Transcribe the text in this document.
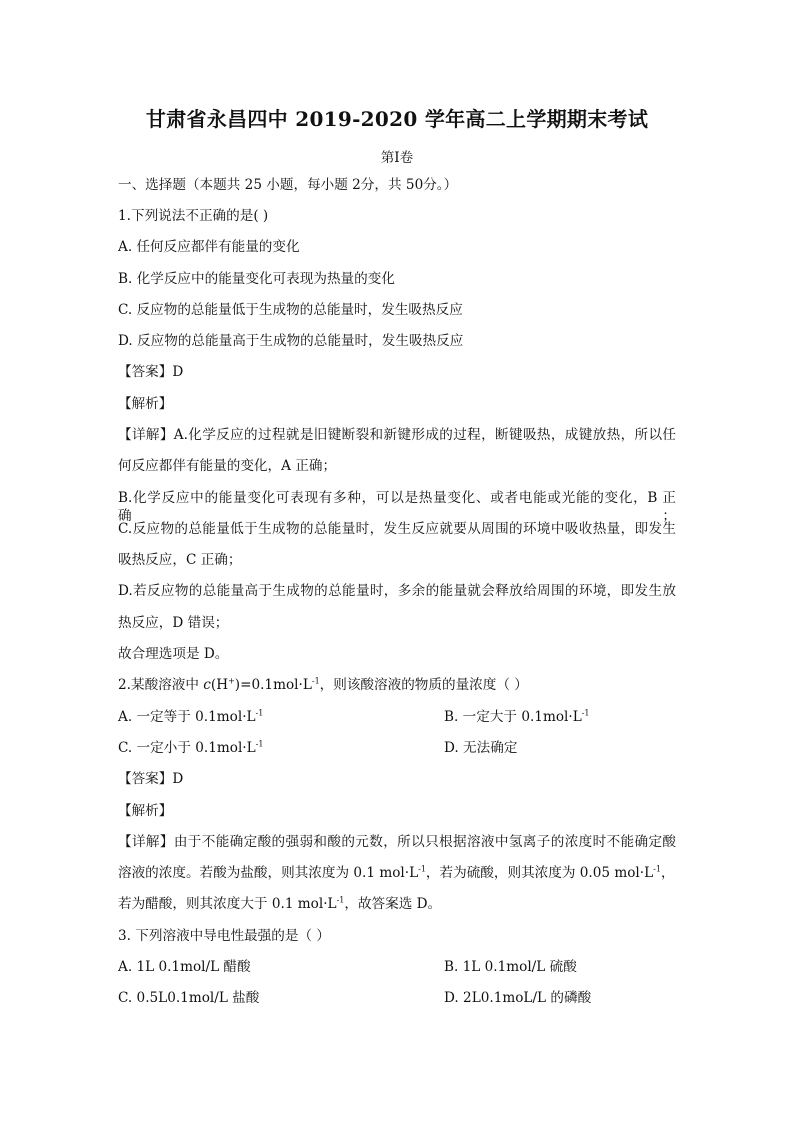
甘肃省永昌四中 2019-2020 学年高二上学期期末考试
第Ⅰ卷
一、选择题（本题共 25 小题，每小题 2分，共 50分。）
1.下列说法不正确的是( )
A. 任何反应都伴有能量的变化
B. 化学反应中的能量变化可表现为热量的变化
C. 反应物的总能量低于生成物的总能量时，发生吸热反应
D. 反应物的总能量高于生成物的总能量时，发生吸热反应
【答案】D
【解析】
【详解】A.化学反应的过程就是旧键断裂和新键形成的过程，断键吸热，成键放热，所以任
何反应都伴有能量的变化，A 正确；
B.化学反应中的能量变化可表现有多种，可以是热量变化、或者电能或光能的变化，B 正确；
C.反应物的总能量低于生成物的总能量时，发生反应就要从周围的环境中吸收热量，即发生
吸热反应，C 正确；
D.若反应物的总能量高于生成物的总能量时，多余的能量就会释放给周围的环境，即发生放
热反应，D 错误；
故合理选项是 D。
2.某酸溶液中 $c(H^+)=0.1mol\cdot L^{-1}$，则该酸溶液的物质的量浓度（ ）
A. 一定等于 $0.1mol\cdot L^{-1}$	B. 一定大于 $0.1mol\cdot L^{-1}$
C. 一定小于 $0.1mol\cdot L^{-1}$	D. 无法确定
【答案】D
【解析】
【详解】由于不能确定酸的强弱和酸的元数，所以只根据溶液中氢离子的浓度时不能确定酸
溶液的浓度。若酸为盐酸，则其浓度为 0.1 $mol\cdot L^{-1}$，若为硫酸，则其浓度为 0.05 $mol\cdot L^{-1}$，
若为醋酸，则其浓度大于 0.1 $mol\cdot L^{-1}$，故答案选 D。
3. 下列溶液中导电性最强的是（ ）
A. 1L 0.1mol/L 醋酸	B. 1L 0.1mol/L 硫酸
C. 0.5L0.1mol/L 盐酸	D. 2L0.1moL/L 的磷酸
